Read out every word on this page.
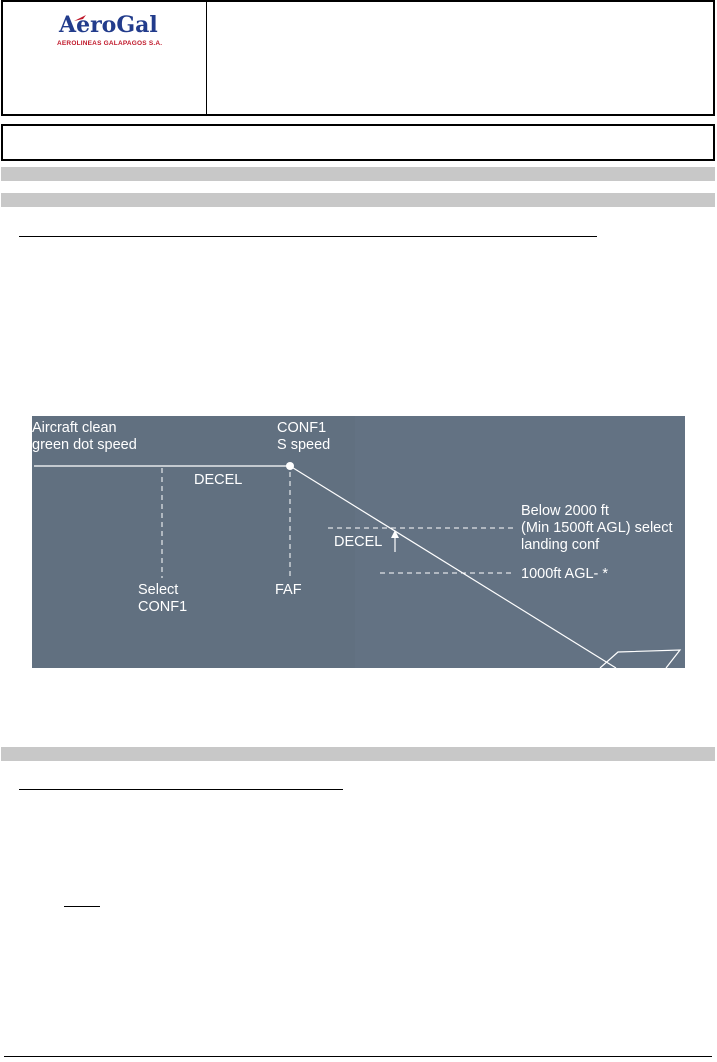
AeroGal
AEROLINEAS GALAPAGOS S.A.
Aircraft clean
green dot speed
CONF1
S speed
DECEL
DECEL
Below 2000 ft
(Min 1500ft AGL) select
landing conf
1000ft AGL- *
Select
CONF1
FAF
